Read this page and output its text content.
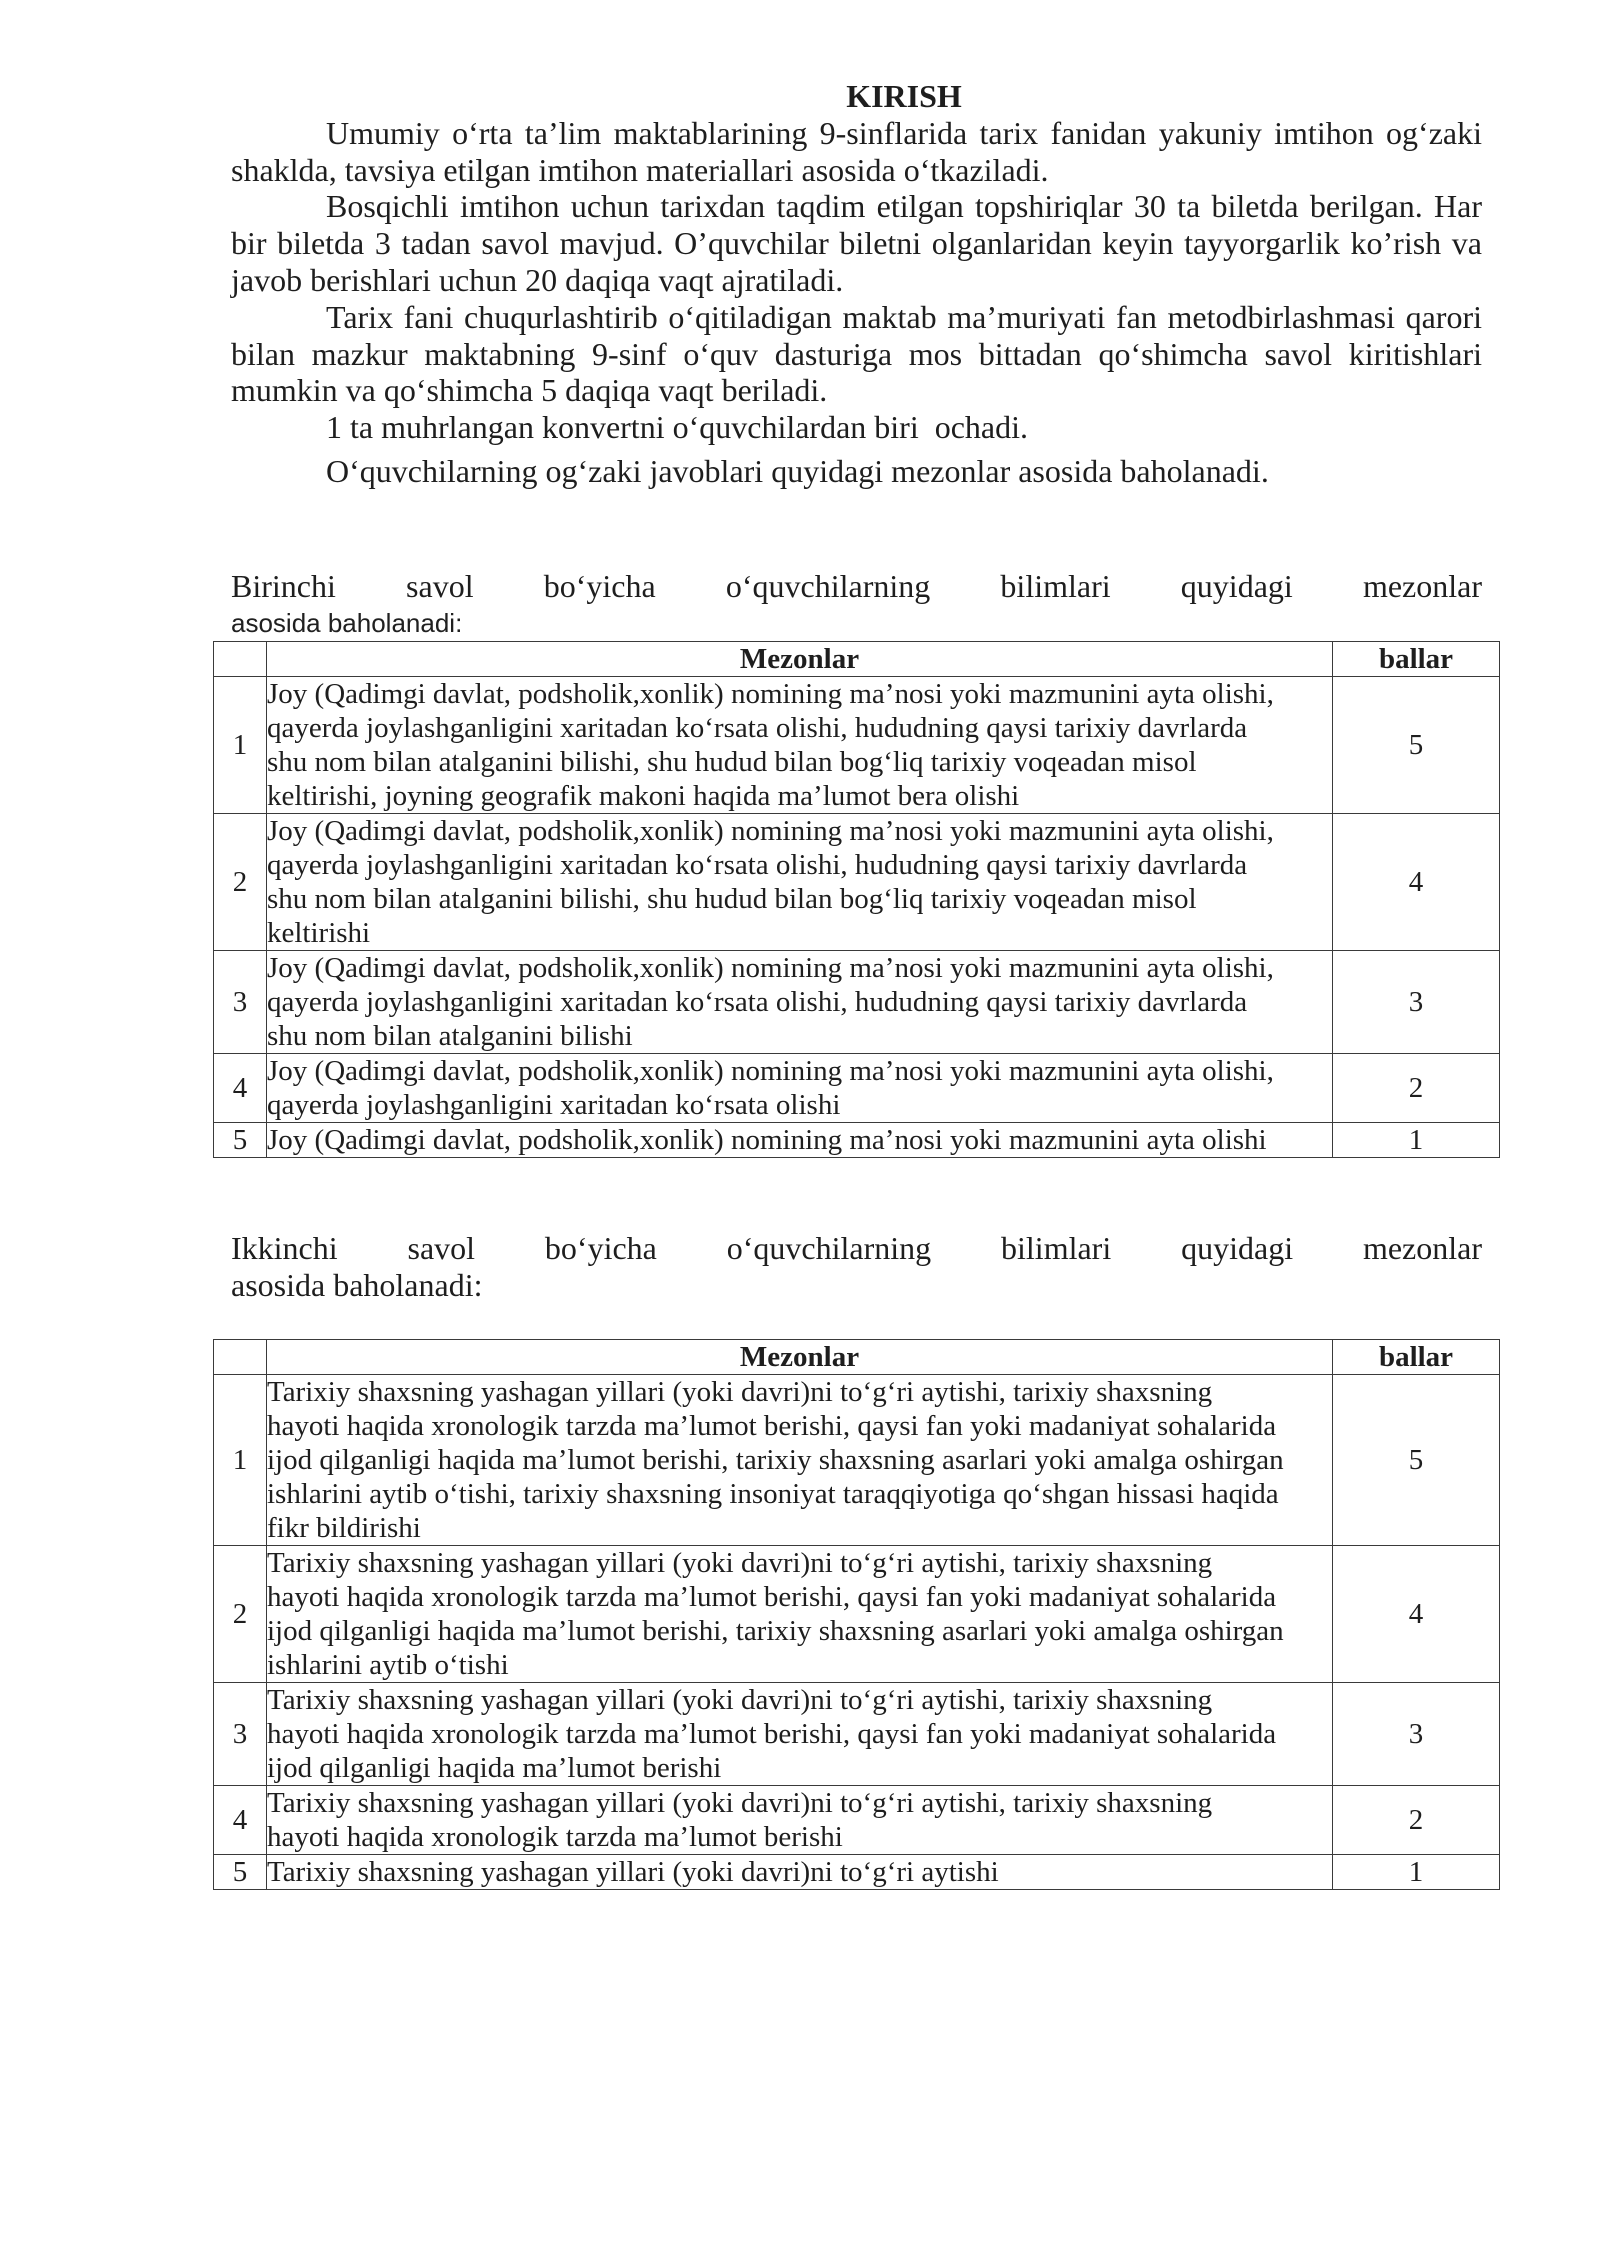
KIRISH
Umumiy o‘rta ta’lim maktablarining 9-sinflarida tarix fanidan yakuniy imtihon og‘zaki
shaklda, tavsiya etilgan imtihon materiallari asosida o‘tkaziladi.
Bosqichli imtihon uchun tarixdan taqdim etilgan topshiriqlar 30 ta biletda berilgan. Har
bir biletda 3 tadan savol mavjud. O’quvchilar biletni olganlaridan keyin tayyorgarlik ko’rish va
javob berishlari uchun 20 daqiqa vaqt ajratiladi.
Tarix fani chuqurlashtirib o‘qitiladigan maktab ma’muriyati fan metodbirlashmasi qarori
bilan mazkur maktabning 9-sinf o‘quv dasturiga mos bittadan qo‘shimcha savol kiritishlari
mumkin va qo‘shimcha 5 daqiqa vaqt beriladi.
1 ta muhrlangan konvertni o‘quvchilardan biri  ochadi.
O‘quvchilarning og‘zaki javoblari quyidagi mezonlar asosida baholanadi.
Birinchi savol bo‘yicha o‘quvchilarning bilimlari quyidagi mezonlar
asosida baholanadi:
	Mezonlar	ballar
1	Joy (Qadimgi davlat, podsholik,xonlik) nomining ma’nosi yoki mazmunini ayta olishi,
qayerda joylashganligini xaritadan ko‘rsata olishi, hududning qaysi tarixiy davrlarda
shu nom bilan atalganini bilishi, shu hudud bilan bog‘liq tarixiy voqeadan misol
keltirishi, joyning geografik makoni haqida ma’lumot bera olishi	5
2	Joy (Qadimgi davlat, podsholik,xonlik) nomining ma’nosi yoki mazmunini ayta olishi,
qayerda joylashganligini xaritadan ko‘rsata olishi, hududning qaysi tarixiy davrlarda
shu nom bilan atalganini bilishi, shu hudud bilan bog‘liq tarixiy voqeadan misol
keltirishi	4
3	Joy (Qadimgi davlat, podsholik,xonlik) nomining ma’nosi yoki mazmunini ayta olishi,
qayerda joylashganligini xaritadan ko‘rsata olishi, hududning qaysi tarixiy davrlarda
shu nom bilan atalganini bilishi	3
4	Joy (Qadimgi davlat, podsholik,xonlik) nomining ma’nosi yoki mazmunini ayta olishi,
qayerda joylashganligini xaritadan ko‘rsata olishi	2
5	Joy (Qadimgi davlat, podsholik,xonlik) nomining ma’nosi yoki mazmunini ayta olishi	1
Ikkinchi savol bo‘yicha o‘quvchilarning bilimlari quyidagi mezonlar
asosida baholanadi:
	Mezonlar	ballar
1	Tarixiy shaxsning yashagan yillari (yoki davri)ni to‘g‘ri aytishi, tarixiy shaxsning
hayoti haqida xronologik tarzda ma’lumot berishi, qaysi fan yoki madaniyat sohalarida
ijod qilganligi haqida ma’lumot berishi, tarixiy shaxsning asarlari yoki amalga oshirgan
ishlarini aytib o‘tishi, tarixiy shaxsning insoniyat taraqqiyotiga qo‘shgan hissasi haqida
fikr bildirishi	5
2	Tarixiy shaxsning yashagan yillari (yoki davri)ni to‘g‘ri aytishi, tarixiy shaxsning
hayoti haqida xronologik tarzda ma’lumot berishi, qaysi fan yoki madaniyat sohalarida
ijod qilganligi haqida ma’lumot berishi, tarixiy shaxsning asarlari yoki amalga oshirgan
ishlarini aytib o‘tishi	4
3	Tarixiy shaxsning yashagan yillari (yoki davri)ni to‘g‘ri aytishi, tarixiy shaxsning
hayoti haqida xronologik tarzda ma’lumot berishi, qaysi fan yoki madaniyat sohalarida
ijod qilganligi haqida ma’lumot berishi	3
4	Tarixiy shaxsning yashagan yillari (yoki davri)ni to‘g‘ri aytishi, tarixiy shaxsning
hayoti haqida xronologik tarzda ma’lumot berishi	2
5	Tarixiy shaxsning yashagan yillari (yoki davri)ni to‘g‘ri aytishi	1
